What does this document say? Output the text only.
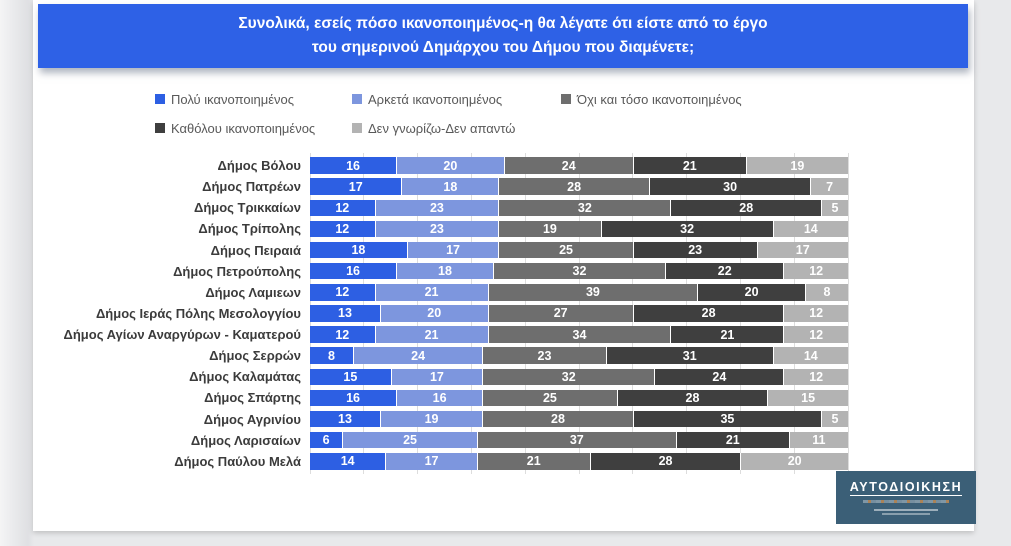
Συνολικά, εσείς πόσο ικανοποιημένος-η θα λέγατε ότι είστε από το έργο
του σημερινού Δημάρχου του Δήμου που διαμένετε;
Πολύ ικανοποιημένος	Αρκετά ικανοποιημένος	Όχι και τόσο ικανοποιημένος
Καθόλου ικανοποιημένος	Δεν γνωρίζω-Δεν απαντώ
Δήμος Βόλου	16	20	24	21	19
Δήμος Πατρέων	17	18	28	30	7
Δήμος Τρικκαίων	12	23	32	28	5
Δήμος Τρίπολης	12	23	19	32	14
Δήμος Πειραιά	18	17	25	23	17
Δήμος Πετρούπολης	16	18	32	22	12
Δήμος Λαμιεων	12	21	39	20	8
Δήμος Ιεράς Πόλης Μεσολογγίου	13	20	27	28	12
Δήμος Αγίων Αναργύρων - Καματερού	12	21	34	21	12
Δήμος Σερρών	8	24	23	31	14
Δήμος Καλαμάτας	15	17	32	24	12
Δήμος Σπάρτης	16	16	25	28	15
Δήμος Αγρινίου	13	19	28	35	5
Δήμος Λαρισαίων	6	25	37	21	11
Δήμος Παύλου Μελά	14	17	21	28	20
ΑΥΤΟΔΙΟΙΚΗΣΗ
